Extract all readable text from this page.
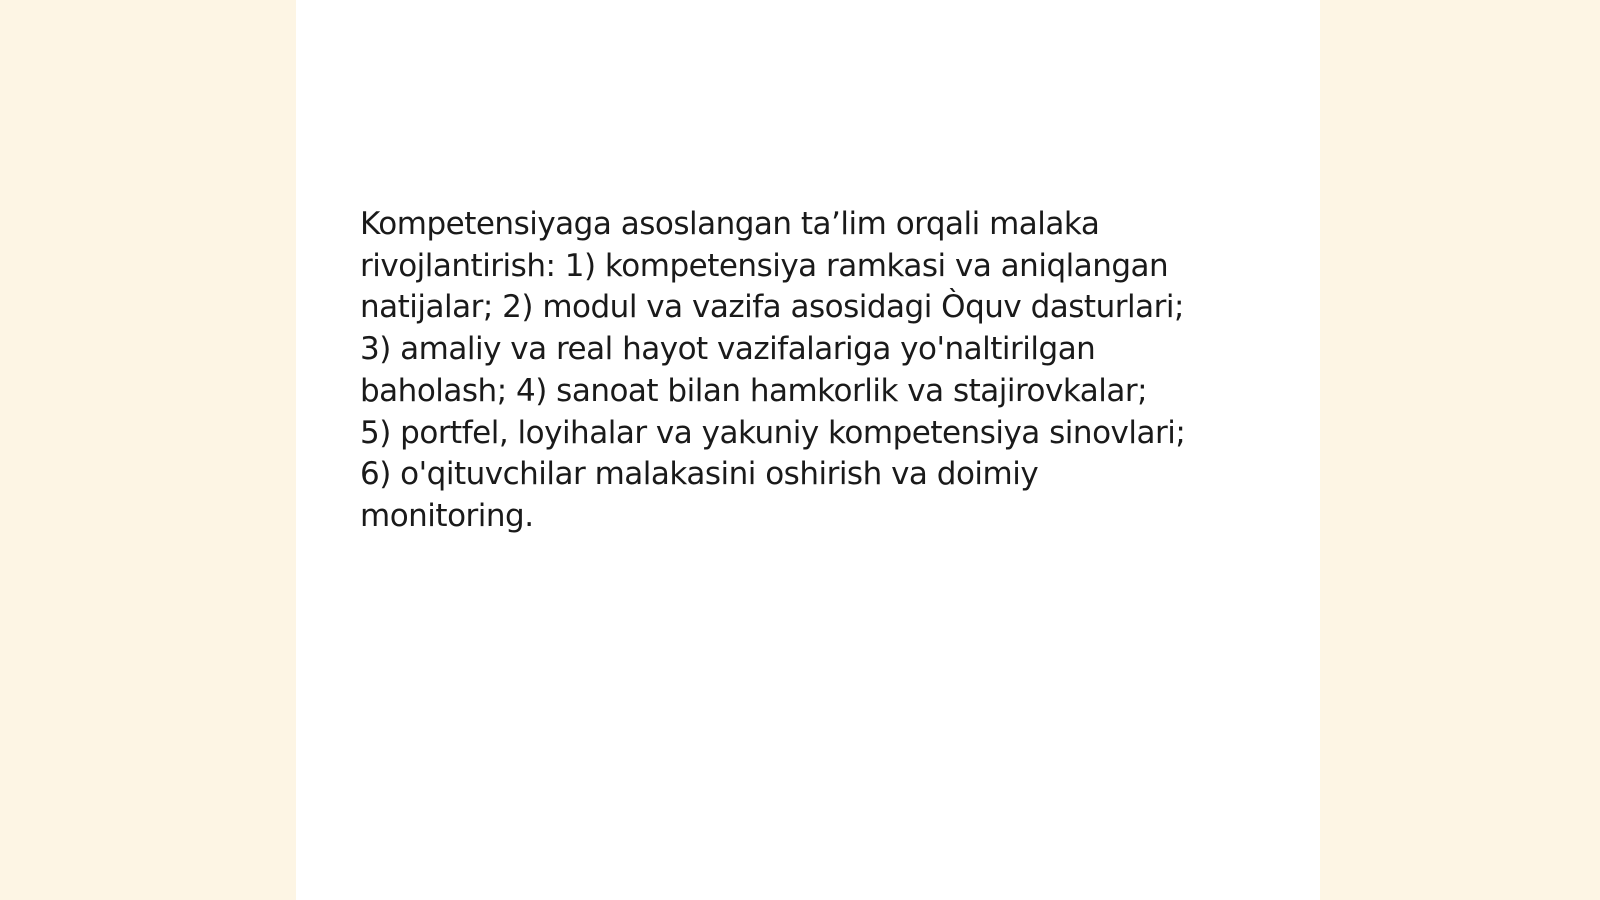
Kompetensiyaga asoslangan ta’lim orqali malaka
rivojlantirish: 1) kompetensiya ramkasi va aniqlangan
natijalar; 2) modul va vazifa asosidagi Òquv dasturlari;
3) amaliy va real hayot vazifalariga yo'naltirilgan
baholash; 4) sanoat bilan hamkorlik va stajirovkalar;
5) portfel, loyihalar va yakuniy kompetensiya sinovlari;
6) o'qituvchilar malakasini oshirish va doimiy
monitoring.
